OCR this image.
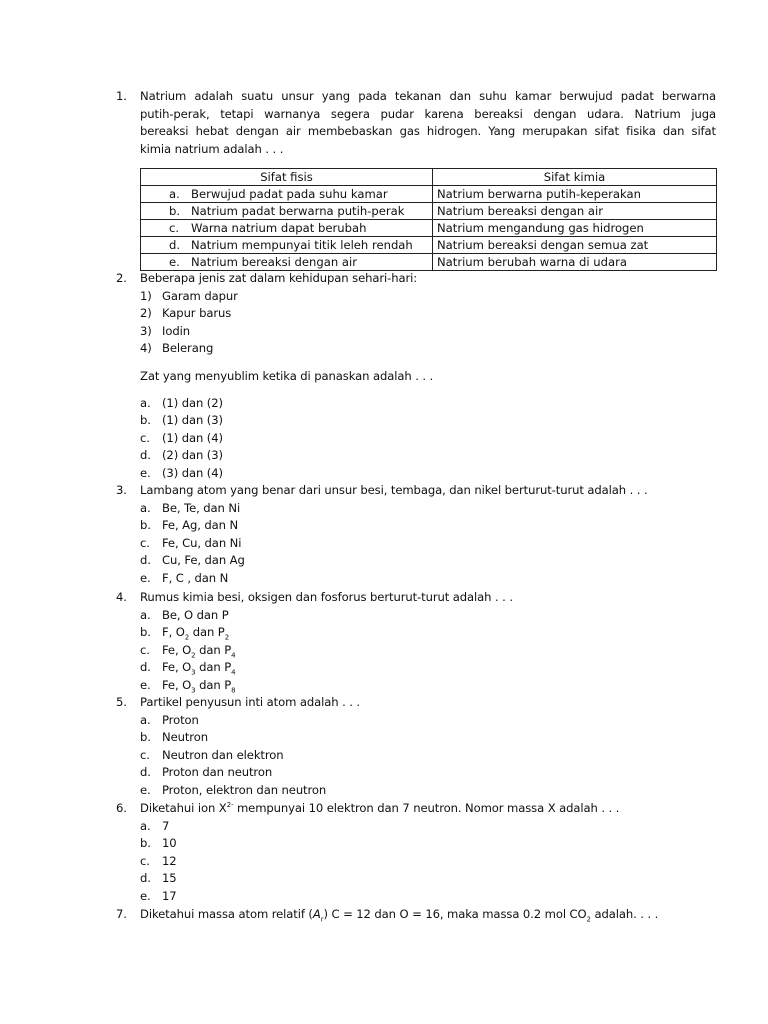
1. Natrium adalah suatu unsur yang pada tekanan dan suhu kamar berwujud padat berwarna
putih-perak, tetapi warnanya segera pudar karena bereaksi dengan udara. Natrium juga
bereaksi hebat dengan air membebaskan gas hidrogen. Yang merupakan sifat fisika dan sifat
kimia natrium adalah . . .
Sifat fisis	Sifat kimia
a. Berwujud padat pada suhu kamar	Natrium berwarna putih-keperakan
b. Natrium padat berwarna putih-perak	Natrium bereaksi dengan air
c. Warna natrium dapat berubah	Natrium mengandung gas hidrogen
d. Natrium mempunyai titik leleh rendah	Natrium bereaksi dengan semua zat
e. Natrium bereaksi dengan air	Natrium berubah warna di udara
2. Beberapa jenis zat dalam kehidupan sehari-hari:
1) Garam dapur
2) Kapur barus
3) Iodin
4) Belerang
Zat yang menyublim ketika di panaskan adalah . . .
a. (1) dan (2)
b. (1) dan (3)
c. (1) dan (4)
d. (2) dan (3)
e. (3) dan (4)
3. Lambang atom yang benar dari unsur besi, tembaga, dan nikel berturut-turut adalah . . .
a. Be, Te, dan Ni
b. Fe, Ag, dan N
c. Fe, Cu, dan Ni
d. Cu, Fe, dan Ag
e. F, C , dan N
4. Rumus kimia besi, oksigen dan fosforus berturut-turut adalah . . .
a. Be, O dan P
b. F, $O_2$ dan $P_2$
c. Fe, $O_2$ dan $P_4$
d. Fe, $O_3$ dan $P_4$
e. Fe, $O_3$ dan $P_8$
5. Partikel penyusun inti atom adalah . . .
a. Proton
b. Neutron
c. Neutron dan elektron
d. Proton dan neutron
e. Proton, elektron dan neutron
6. Diketahui ion $X^{2-}$ mempunyai 10 elektron dan 7 neutron. Nomor massa X adalah . . .
a. 7
b. 10
c. 12
d. 15
e. 17
7. Diketahui massa atom relatif $(A_r) C = 12$ dan O = 16, maka massa 0.2 mol $CO_2$ adalah. . . .
